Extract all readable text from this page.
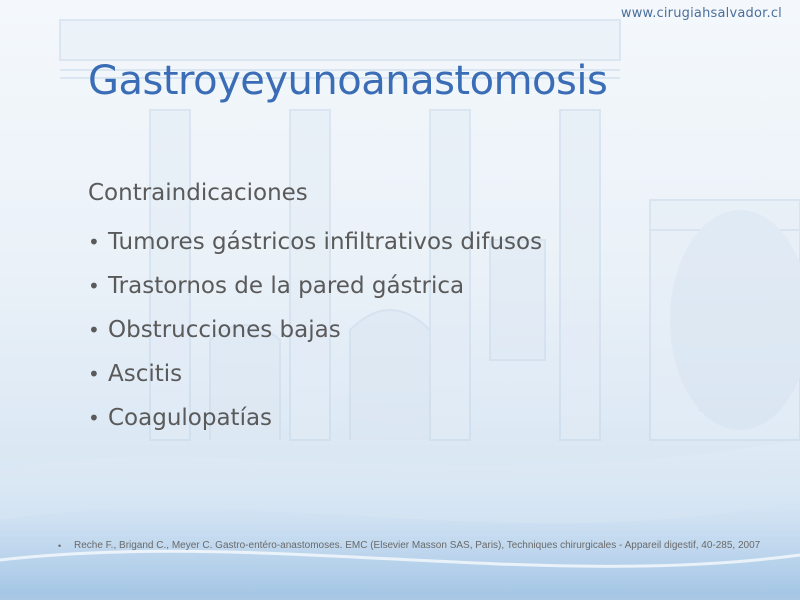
www.cirugiahsalvador.cl
Gastroyeyunoanastomosis
Contraindicaciones
• Tumores gástricos infiltrativos difusos
• Trastornos de la pared gástrica
• Obstrucciones bajas
• Ascitis
• Coagulopatías
•	Reche F., Brigand C., Meyer C. Gastro-entéro-anastomoses. EMC (Elsevier Masson SAS, Paris), Techniques chirurgicales - Appareil digestif, 40-285, 2007
